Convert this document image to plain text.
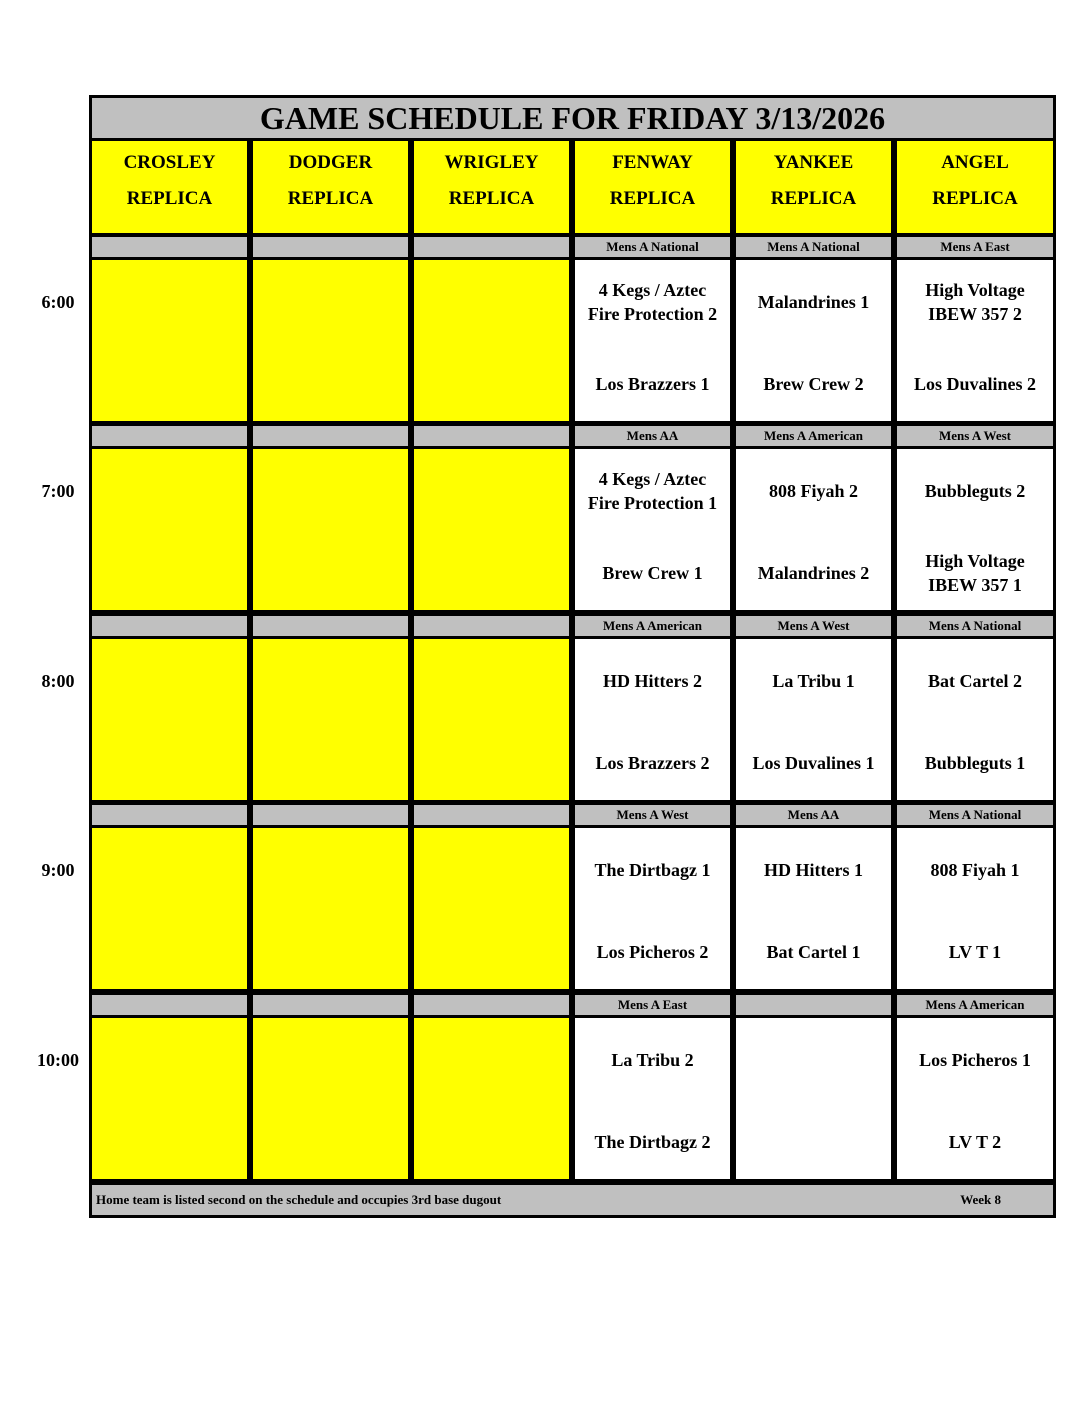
GAME SCHEDULE FOR FRIDAY 3/13/2026
CROSLEY
REPLICA
DODGER
REPLICA
WRIGLEY
REPLICA
FENWAY
REPLICA
YANKEE
REPLICA
ANGEL
REPLICA
Mens A National
4 Kegs / Aztec Fire Protection 2
Los Brazzers 1
Mens A National
Malandrines 1
Brew Crew 2
Mens A East
High Voltage IBEW 357 2
Los Duvalines 2
Mens AA
4 Kegs / Aztec Fire Protection 1
Brew Crew 1
Mens A American
808 Fiyah 2
Malandrines 2
Mens A West
Bubbleguts 2
High Voltage IBEW 357 1
Mens A American
HD Hitters 2
Los Brazzers 2
Mens A West
La Tribu 1
Los Duvalines 1
Mens A National
Bat Cartel 2
Bubbleguts 1
Mens A West
The Dirtbagz 1
Los Picheros 2
Mens AA
HD Hitters 1
Bat Cartel 1
Mens A National
808 Fiyah 1
LV T 1
Mens A East
La Tribu 2
The Dirtbagz 2
Mens A American
Los Picheros 1
LV T 2
Home team is listed second on the schedule and occupies 3rd base dugout	Week 8
6:00
7:00
8:00
9:00
10:00
